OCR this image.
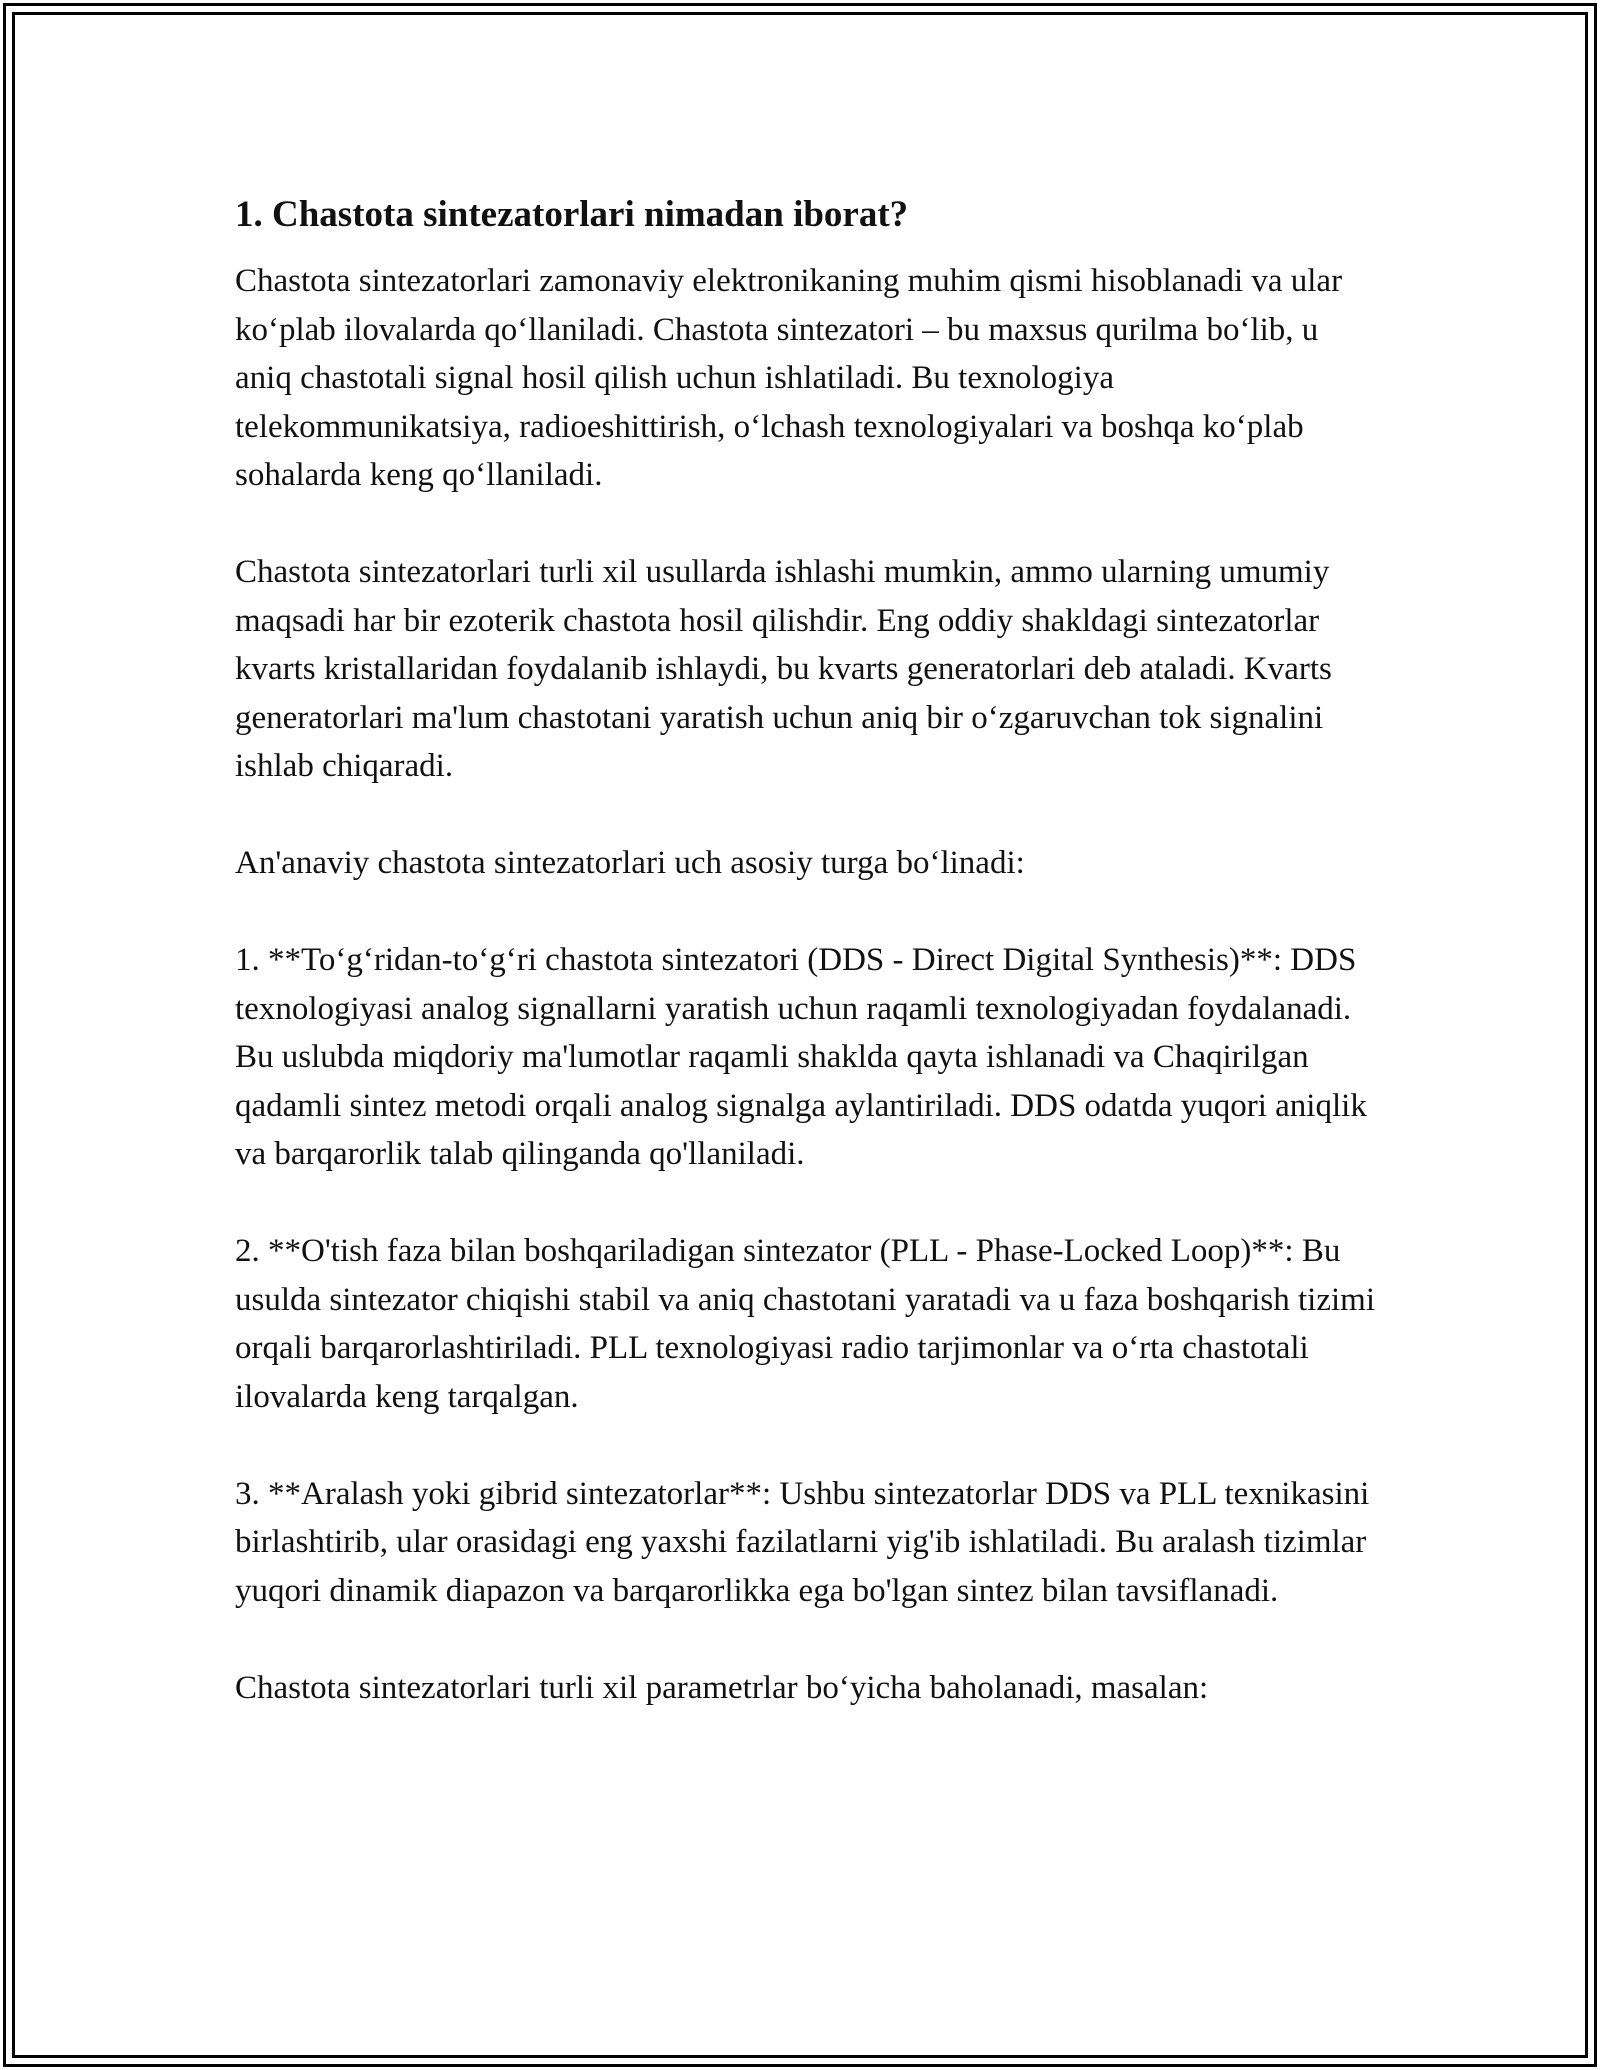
1. Chastota sintezatorlari nimadan iborat?

Chastota sintezatorlari zamonaviy elektronikaning muhim qismi hisoblanadi va ular ko‘plab ilovalarda qo‘llaniladi. Chastota sintezatori – bu maxsus qurilma bo‘lib, u aniq chastotali signal hosil qilish uchun ishlatiladi. Bu texnologiya telekommunikatsiya, radioeshittirish, o‘lchash texnologiyalari va boshqa ko‘plab sohalarda keng qo‘llaniladi.

Chastota sintezatorlari turli xil usullarda ishlashi mumkin, ammo ularning umumiy maqsadi har bir ezoterik chastota hosil qilishdir. Eng oddiy shakldagi sintezatorlar kvarts kristallaridan foydalanib ishlaydi, bu kvarts generatorlari deb ataladi. Kvarts generatorlari ma'lum chastotani yaratish uchun aniq bir o‘zgaruvchan tok signalini ishlab chiqaradi.

An'anaviy chastota sintezatorlari uch asosiy turga bo‘linadi:

1. **To‘g‘ridan-to‘g‘ri chastota sintezatori (DDS - Direct Digital Synthesis)**: DDS texnologiyasi analog signallarni yaratish uchun raqamli texnologiyadan foydalanadi. Bu uslubda miqdoriy ma'lumotlar raqamli shaklda qayta ishlanadi va Chaqirilgan qadamli sintez metodi orqali analog signalga aylantiriladi. DDS odatda yuqori aniqlik va barqarorlik talab qilinganda qo'llaniladi.

2. **O'tish faza bilan boshqariladigan sintezator (PLL - Phase-Locked Loop)**: Bu usulda sintezator chiqishi stabil va aniq chastotani yaratadi va u faza boshqarish tizimi orqali barqarorlashtiriladi. PLL texnologiyasi radio tarjimonlar va o‘rta chastotali ilovalarda keng tarqalgan.

3. **Aralash yoki gibrid sintezatorlar**: Ushbu sintezatorlar DDS va PLL texnikasini birlashtirib, ular orasidagi eng yaxshi fazilatlarni yig'ib ishlatiladi. Bu aralash tizimlar yuqori dinamik diapazon va barqarorlikka ega bo'lgan sintez bilan tavsiflanadi.

Chastota sintezatorlari turli xil parametrlar bo‘yicha baholanadi, masalan:
